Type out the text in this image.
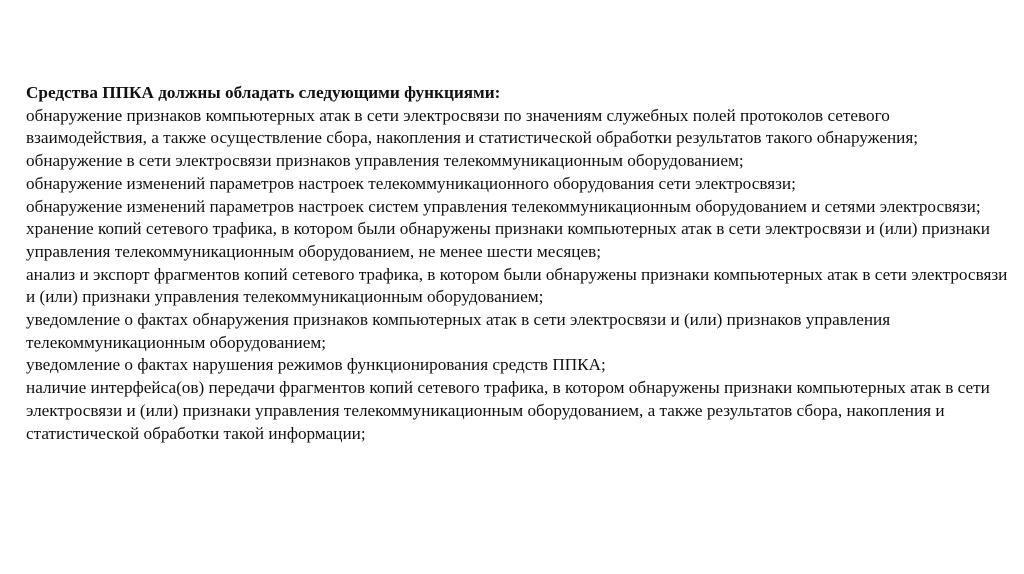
Средства ППКА должны обладать следующими функциями:
обнаружение признаков компьютерных атак в сети электросвязи по значениям служебных полей протоколов сетевого взаимодействия, а также осуществление сбора, накопления и статистической обработки результатов такого обнаружения;
обнаружение в сети электросвязи признаков управления телекоммуникационным оборудованием;
обнаружение изменений параметров настроек телекоммуникационного оборудования сети электросвязи;
обнаружение изменений параметров настроек систем управления телекоммуникационным оборудованием и сетями электросвязи;
хранение копий сетевого трафика, в котором были обнаружены признаки компьютерных атак в сети электросвязи и (или) признаки управления телекоммуникационным оборудованием, не менее шести месяцев;
анализ и экспорт фрагментов копий сетевого трафика, в котором были обнаружены признаки компьютерных атак в сети электросвязи и (или) признаки управления телекоммуникационным оборудованием;
уведомление о фактах обнаружения признаков компьютерных атак в сети электросвязи и (или) признаков управления телекоммуникационным оборудованием;
уведомление о фактах нарушения режимов функционирования средств ППКА;
наличие интерфейса(ов) передачи фрагментов копий сетевого трафика, в котором обнаружены признаки компьютерных атак в сети электросвязи и (или) признаки управления телекоммуникационным оборудованием, а также результатов сбора, накопления и статистической обработки такой информации;
